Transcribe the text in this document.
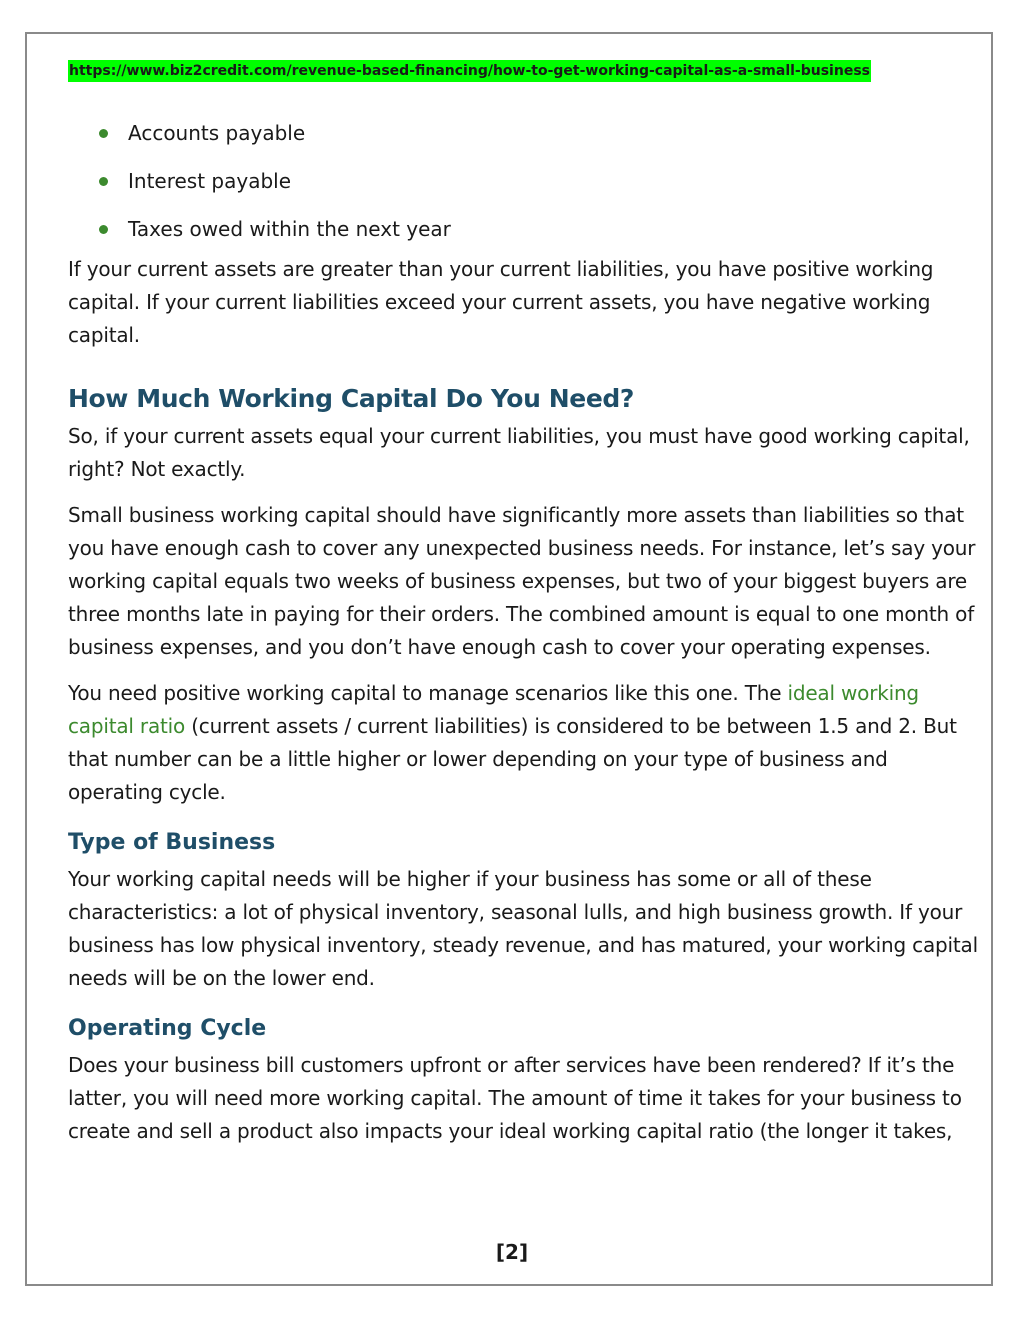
https://www.biz2credit.com/revenue-based-financing/how-to-get-working-capital-as-a-small-business
Accounts payable
Interest payable
Taxes owed within the next year

If your current assets are greater than your current liabilities, you have positive working capital. If your current liabilities exceed your current assets, you have negative working capital.

How Much Working Capital Do You Need?

So, if your current assets equal your current liabilities, you must have good working capital, right? Not exactly.

Small business working capital should have significantly more assets than liabilities so that you have enough cash to cover any unexpected business needs. For instance, let’s say your working capital equals two weeks of business expenses, but two of your biggest buyers are three months late in paying for their orders. The combined amount is equal to one month of business expenses, and you don’t have enough cash to cover your operating expenses.

You need positive working capital to manage scenarios like this one. The ideal working capital ratio (current assets / current liabilities) is considered to be between 1.5 and 2. But that number can be a little higher or lower depending on your type of business and operating cycle.

Type of Business

Your working capital needs will be higher if your business has some or all of these characteristics: a lot of physical inventory, seasonal lulls, and high business growth. If your business has low physical inventory, steady revenue, and has matured, your working capital needs will be on the lower end.

Operating Cycle

Does your business bill customers upfront or after services have been rendered? If it’s the latter, you will need more working capital. The amount of time it takes for your business to create and sell a product also impacts your ideal working capital ratio (the longer it takes,

[2]
